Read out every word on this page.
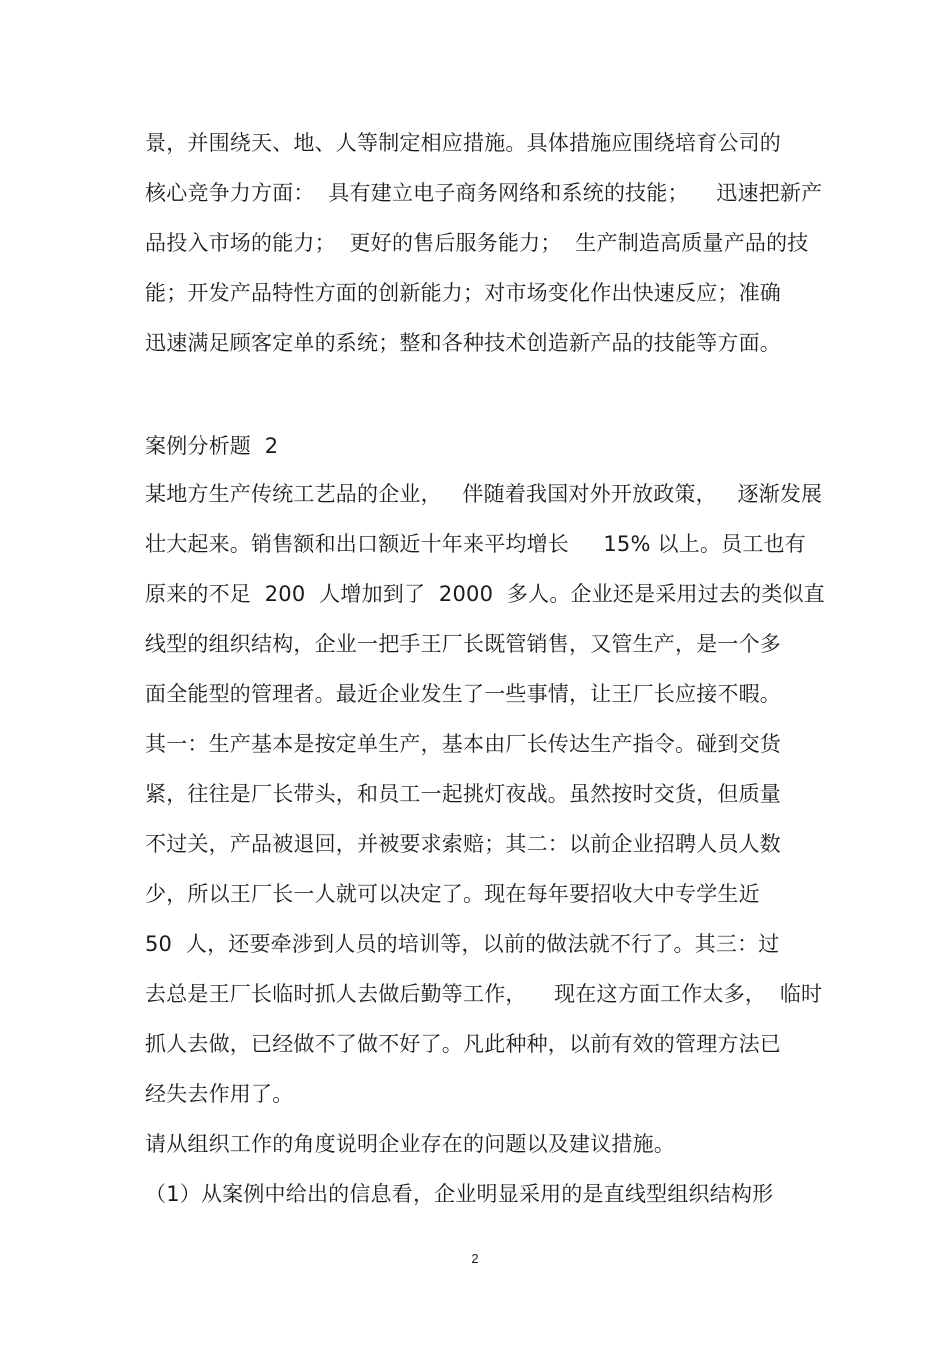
景，并围绕天、地、人等制定相应措施。具体措施应围绕培育公司的
核心竞争力方面：  具有建立电子商务网络和系统的技能；    迅速把新产
品投入市场的能力；  更好的售后服务能力；  生产制造高质量产品的技
能；开发产品特性方面的创新能力；对市场变化作出快速反应；准确
迅速满足顾客定单的系统；整和各种技术创造新产品的技能等方面。
案例分析题  2
某地方生产传统工艺品的企业，   伴随着我国对外开放政策，   逐渐发展
壮大起来。销售额和出口额近十年来平均增长     15% 以上。员工也有
原来的不足  200  人增加到了  2000  多人。企业还是采用过去的类似直
线型的组织结构，企业一把手王厂长既管销售，又管生产，是一个多
面全能型的管理者。最近企业发生了一些事情，让王厂长应接不暇。
其一：生产基本是按定单生产，基本由厂长传达生产指令。碰到交货
紧，往往是厂长带头，和员工一起挑灯夜战。虽然按时交货，但质量
不过关，产品被退回，并被要求索赔；其二：以前企业招聘人员人数
少，所以王厂长一人就可以决定了。现在每年要招收大中专学生近
50  人，还要牵涉到人员的培训等，以前的做法就不行了。其三：过
去总是王厂长临时抓人去做后勤等工作，    现在这方面工作太多，  临时
抓人去做，已经做不了做不好了。凡此种种，以前有效的管理方法已
经失去作用了。
请从组织工作的角度说明企业存在的问题以及建议措施。
（1）从案例中给出的信息看，企业明显采用的是直线型组织结构形
2
